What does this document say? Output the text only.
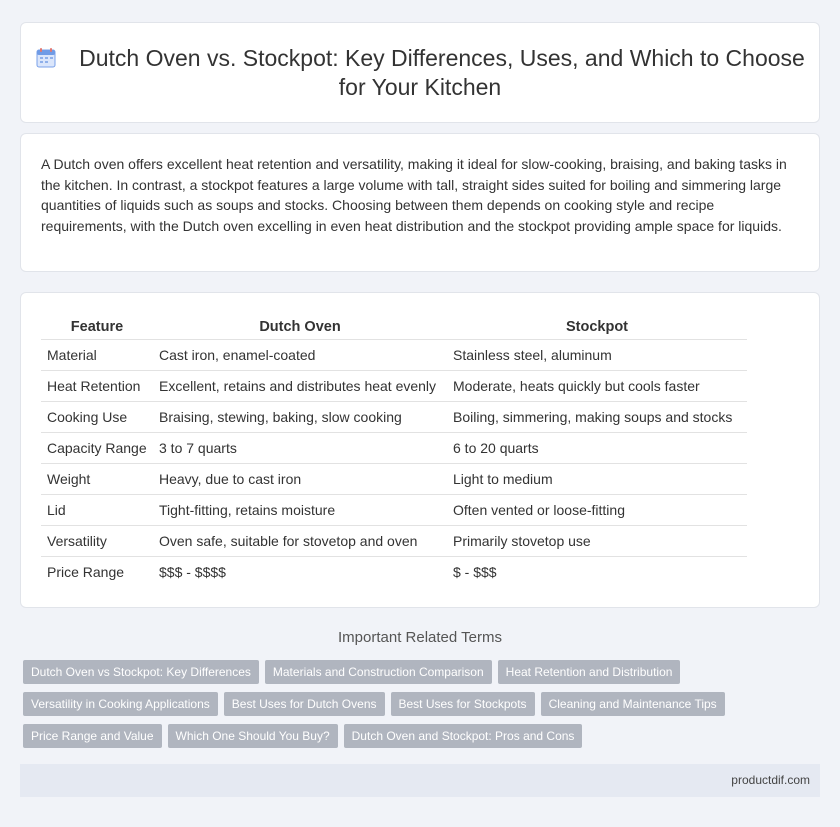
Dutch Oven vs. Stockpot: Key Differences, Uses, and Which to Choose for Your Kitchen
A Dutch oven offers excellent heat retention and versatility, making it ideal for slow-cooking, braising, and baking tasks in the kitchen. In contrast, a stockpot features a large volume with tall, straight sides suited for boiling and simmering large quantities of liquids such as soups and stocks. Choosing between them depends on cooking style and recipe requirements, with the Dutch oven excelling in even heat distribution and the stockpot providing ample space for liquids.
Feature	Dutch Oven	Stockpot
Material	Cast iron, enamel-coated	Stainless steel, aluminum
Heat Retention	Excellent, retains and distributes heat evenly	Moderate, heats quickly but cools faster
Cooking Use	Braising, stewing, baking, slow cooking	Boiling, simmering, making soups and stocks
Capacity Range	3 to 7 quarts	6 to 20 quarts
Weight	Heavy, due to cast iron	Light to medium
Lid	Tight-fitting, retains moisture	Often vented or loose-fitting
Versatility	Oven safe, suitable for stovetop and oven	Primarily stovetop use
Price Range	$$$ - $$$$	$ - $$$
Important Related Terms
Dutch Oven vs Stockpot: Key Differences Materials and Construction Comparison Heat Retention and Distribution
Versatility in Cooking Applications Best Uses for Dutch Ovens Best Uses for Stockpots Cleaning and Maintenance Tips
Price Range and Value Which One Should You Buy? Dutch Oven and Stockpot: Pros and Cons
productdif.com
